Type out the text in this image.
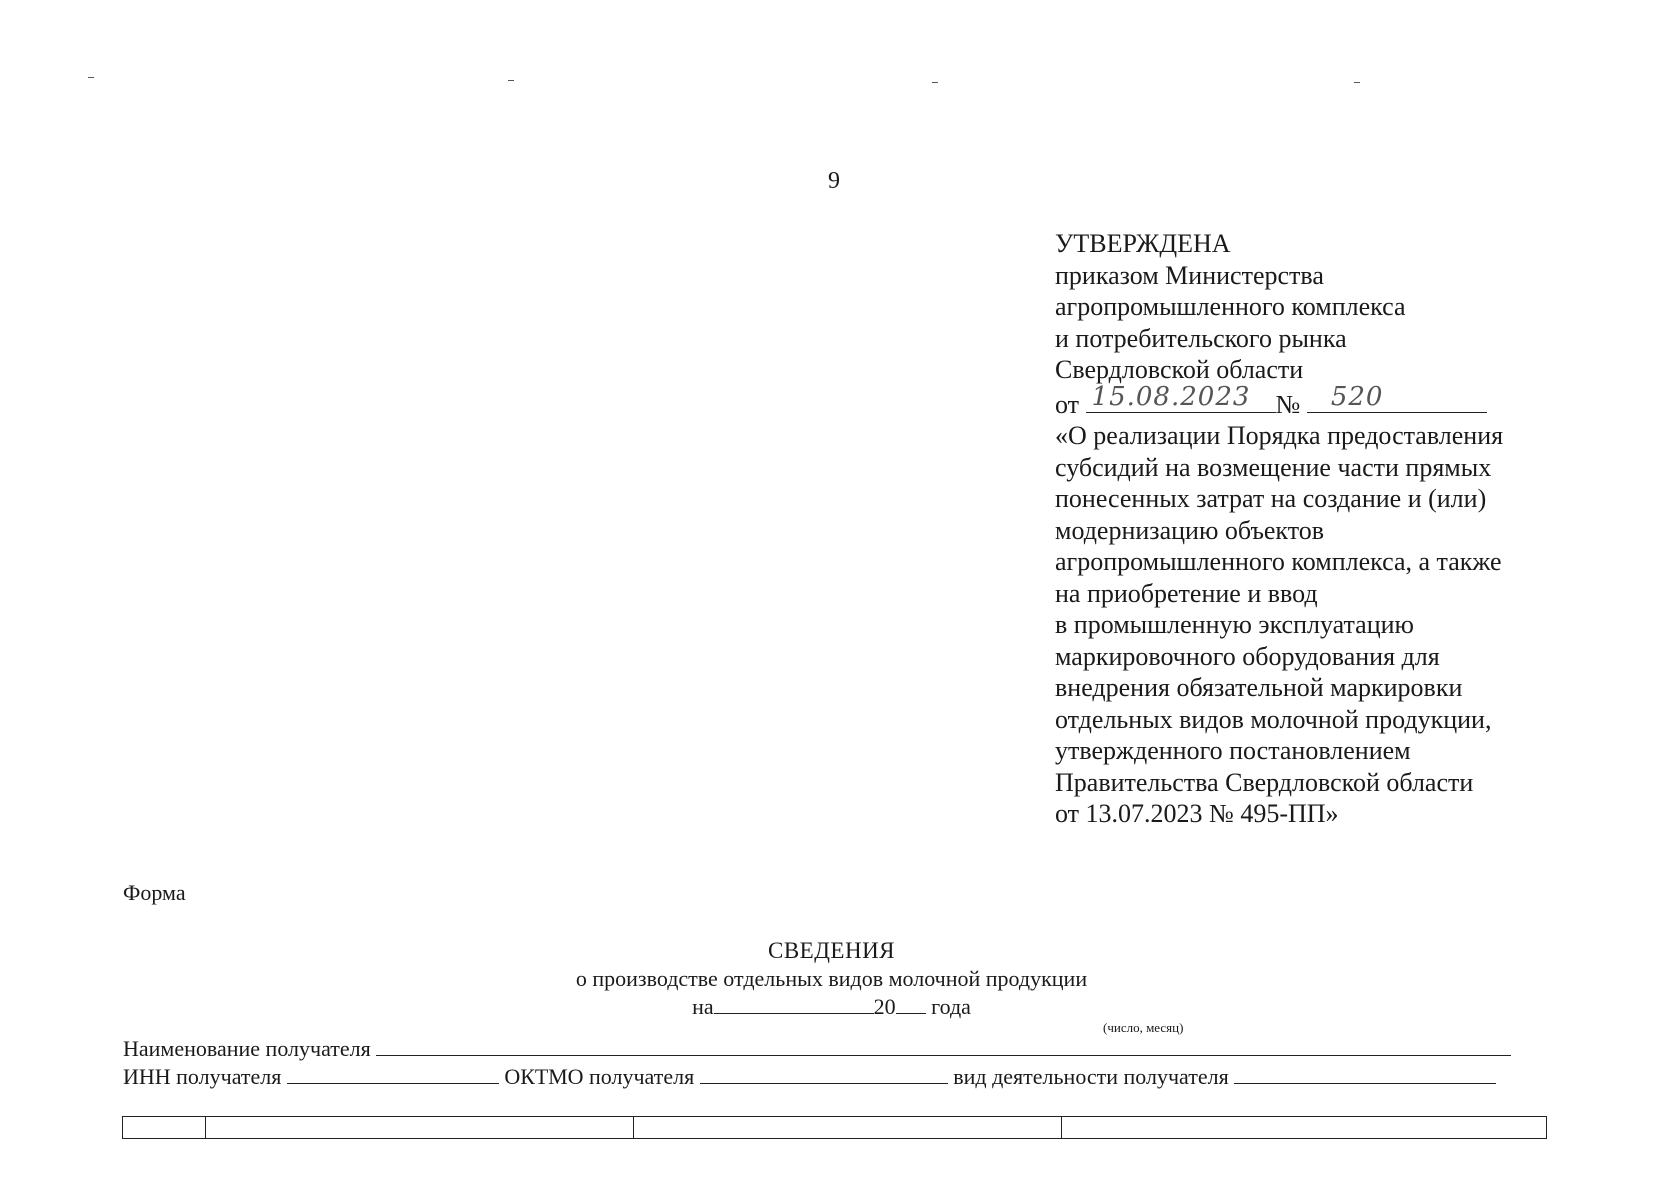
9
УТВЕРЖДЕНА
приказом Министерства
агропромышленного комплекса
и потребительского рынка
Свердловской области
от 15.08.2023 № 520
«О реализации Порядка предоставления
субсидий на возмещение части прямых
понесенных затрат на создание и (или)
модернизацию объектов
агропромышленного комплекса, а также
на приобретение и ввод
в промышленную эксплуатацию
маркировочного оборудования для
внедрения обязательной маркировки
отдельных видов молочной продукции,
утвержденного постановлением
Правительства Свердловской области
от 13.07.2023 № 495-ПП»
Форма
СВЕДЕНИЯ
о производстве отдельных видов молочной продукции
на	20 года
(число, месяц)
Наименование получателя
ИНН получателя	ОКТМО получателя	вид деятельности получателя
